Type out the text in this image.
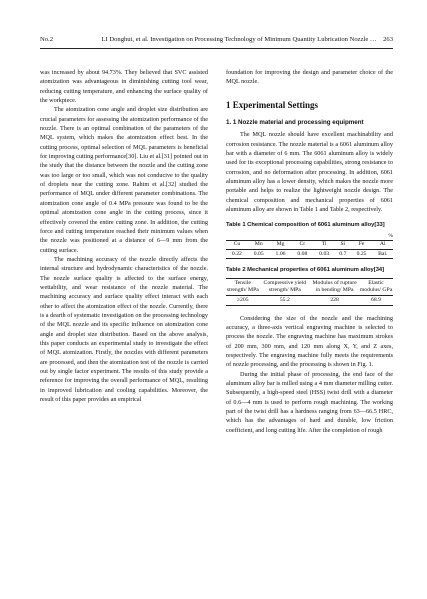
No.2	LI Donghui, et al. Investigation on Processing Technology of Minimum Quantity Lubrication Nozzle … 263

was increased by about 94.73%. They believed that SVC assisted atomization was advantageous in diminishing cutting tool wear, reducing cutting temperature, and enhancing the surface quality of the workpiece.

The atomization cone angle and droplet size distribution are crucial parameters for assessing the atomization performance of the nozzle. There is an optimal combination of the parameters of the MQL system, which makes the atomization effect best. In the cutting process, optimal selection of MQL parameters is beneficial for improving cutting performance[30]. Liu et al.[31] pointed out in the study that the distance between the nozzle and the cutting zone was too large or too small, which was not conducive to the quality of droplets near the cutting zone. Rahim et al.[32] studied the performance of MQL under different parameter combinations. The atomization cone angle of 0.4 MPa pressure was found to be the optimal atomization cone angle in the cutting process, since it effectively covered the entire cutting zone. In addition, the cutting force and cutting temperature reached their minimum values when the nozzle was positioned at a distance of 6—9 mm from the cutting surface.

The machining accuracy of the nozzle directly affects the internal structure and hydrodynamic characteristics of the nozzle. The nozzle surface quality is affected to the surface energy, wettability, and wear resistance of the nozzle material. The machining accuracy and surface quality effect interact with each other to affect the atomization effect of the nozzle. Currently, there is a dearth of systematic investigation on the processing technology of the MQL nozzle and its specific influence on atomization cone angle and droplet size distribution. Based on the above analysis, this paper conducts an experimental study to investigate the effect of MQL atomization. Firstly, the nozzles with different parameters are processed, and then the atomization test of the nozzle is carried out by single factor experiment. The results of this study provide a reference for improving the overall performance of MQL, resulting in improved lubrication and cooling capabilities. Moreover, the result of this paper provides an empirical

foundation for improving the design and parameter choice of the MQL nozzle.

1 Experimental Settings
1. 1 Nozzle material and processing equipment

The MQL nozzle should have excellent machinability and corrosion resistance. The nozzle material is a 6061 aluminum alloy bar with a diameter of 6 mm. The 6061 aluminum alloy is widely used for its exceptional processing capabilities, strong resistance to corrosion, and no deformation after processing. In addition, 6061 aluminum alloy has a lower density, which makes the nozzle more portable and helps to realize the lightweight nozzle design. The chemical composition and mechanical properties of 6061 aluminum alloy are shown in Table 1 and Table 2, respectively.

Table 1 Chemical composition of 6061 aluminum alloy[33]
%
Cu	Mn	Mg	Cr	Ti	Si	Fe	Al
0.22	0.05	1.06	0.08	0.03	0.7	0.25	Bal.
Table 2 Mechanical properties of 6061 aluminum alloy[34]
Tensile strength/ MPa	Compressive yield strength/ MPa	Modulus of rupture in bending/ MPa	Elastic modulus/ GPa
≥205	55.2	228	68.9

Considering the size of the nozzle and the machining accuracy, a three-axis vertical engraving machine is selected to process the nozzle. The engraving machine has maximum strokes of 200 mm, 300 mm, and 120 mm along X, Y, and Z axes, respectively. The engraving machine fully meets the requirements of nozzle processing, and the processing is shown in Fig. 1.

During the initial phase of processing, the end face of the aluminum alloy bar is milled using a 4 mm diameter milling cutter. Subsequently, a high-speed steel (HSS) twist drill with a diameter of 0.6—4 mm is used to perform rough machining. The working part of the twist drill has a hardness ranging from 63—66.5 HRC, which has the advantages of hard and durable, low friction coefficient, and long cutting life. After the completion of rough
